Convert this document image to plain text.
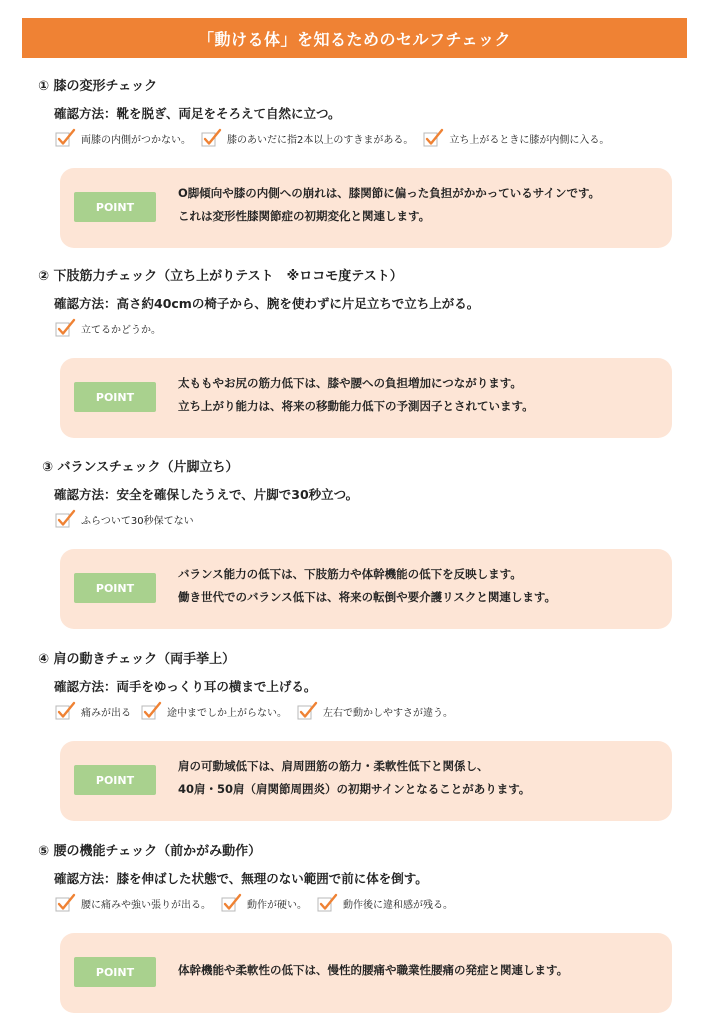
「動ける体」を知るためのセルフチェック
① 膝の変形チェック
確認方法：靴を脱ぎ、両足をそろえて自然に立つ。
両膝の内側がつかない。	膝のあいだに指2本以上のすきまがある。	立ち上がるときに膝が内側に入る。
POINT
O脚傾向や膝の内側への崩れは、膝関節に偏った負担がかかっているサインです。
これは変形性膝関節症の初期変化と関連します。
② 下肢筋力チェック（立ち上がりテスト　※ロコモ度テスト）
確認方法：高さ約40cmの椅子から、腕を使わずに片足立ちで立ち上がる。
立てるかどうか。
POINT
太ももやお尻の筋力低下は、膝や腰への負担増加につながります。
立ち上がり能力は、将来の移動能力低下の予測因子とされています。
③ バランスチェック（片脚立ち）
確認方法：安全を確保したうえで、片脚で30秒立つ。
ふらついて30秒保てない
POINT
バランス能力の低下は、下肢筋力や体幹機能の低下を反映します。
働き世代でのバランス低下は、将来の転倒や要介護リスクと関連します。
④ 肩の動きチェック（両手挙上）
確認方法：両手をゆっくり耳の横まで上げる。
痛みが出る	途中までしか上がらない。	左右で動かしやすさが違う。
POINT
肩の可動域低下は、肩周囲筋の筋力・柔軟性低下と関係し、
40肩・50肩（肩関節周囲炎）の初期サインとなることがあります。
⑤ 腰の機能チェック（前かがみ動作）
確認方法：膝を伸ばした状態で、無理のない範囲で前に体を倒す。
腰に痛みや強い張りが出る。	動作が硬い。	動作後に違和感が残る。
POINT	体幹機能や柔軟性の低下は、慢性的腰痛や職業性腰痛の発症と関連します。
